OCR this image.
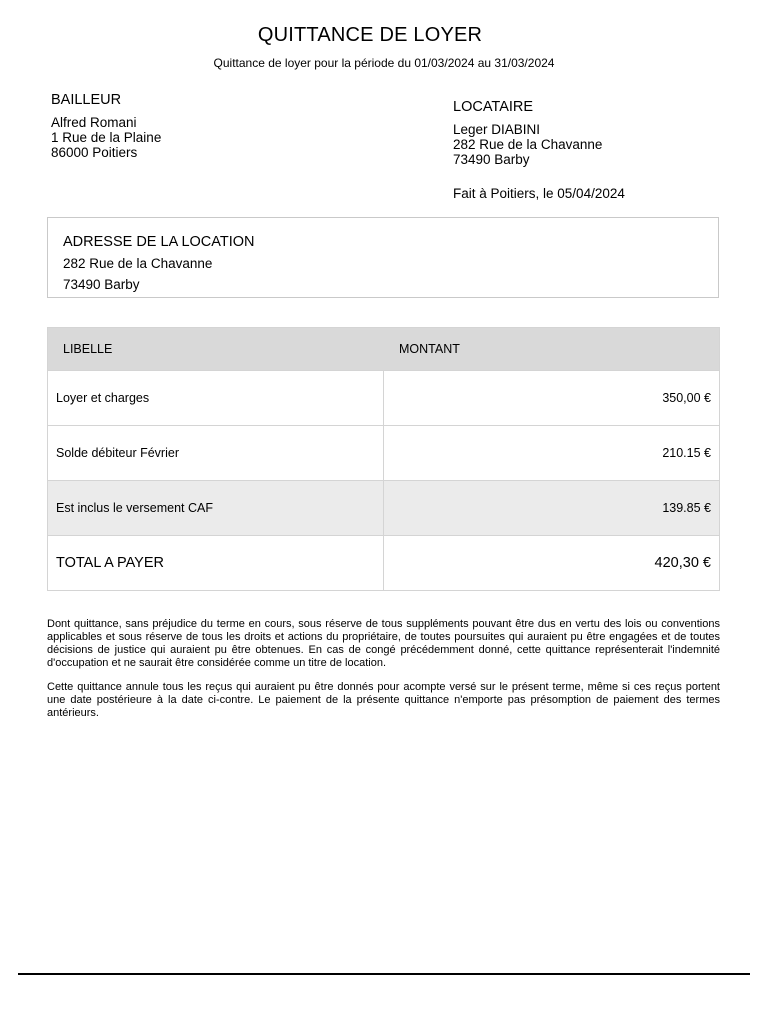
QUITTANCE DE LOYER
Quittance de loyer pour la période du 01/03/2024 au 31/03/2024
BAILLEUR
Alfred Romani
1 Rue de la Plaine
86000 Poitiers
LOCATAIRE
Leger DIABINI
282 Rue de la Chavanne
73490 Barby
Fait à Poitiers, le 05/04/2024
ADRESSE DE LA LOCATION
282 Rue de la Chavanne
73490 Barby
LIBELLE	MONTANT
Loyer et charges	350,00 €
Solde débiteur Février	210.15 €
Est inclus le versement CAF	139.85 €
TOTAL A PAYER	420,30 €
Dont quittance, sans préjudice du terme en cours, sous réserve de tous suppléments pouvant être dus en vertu des lois ou conventions applicables et sous réserve de tous les droits et actions du propriétaire, de toutes poursuites qui auraient pu être engagées et de toutes décisions de justice qui auraient pu être obtenues. En cas de congé précédemment donné, cette quittance représenterait l'indemnité d'occupation et ne saurait être considérée comme un titre de location.
Cette quittance annule tous les reçus qui auraient pu être donnés pour acompte versé sur le présent terme, même si ces reçus portent une date postérieure à la date ci-contre. Le paiement de la présente quittance n'emporte pas présomption de paiement des termes antérieurs.
